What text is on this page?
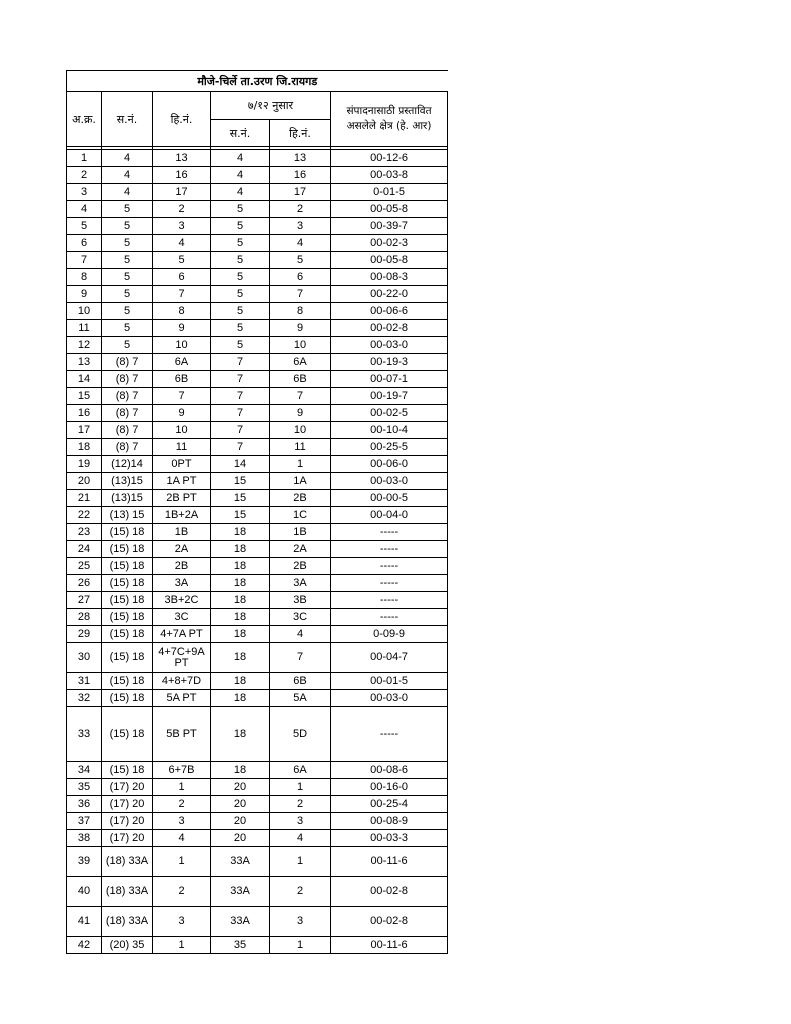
मौजे-चिर्ले ता.उरण जि.रायगड					
अ.क्र.	स.नं.	हि.नं.	७/१२ नुसार		संपादनासाठी प्रस्तावित
असलेले क्षेत्र (हे. आर)
			स.नं.	हि.नं.	

1	4	13	4	13	00-12-6
2	4	16	4	16	00-03-8
3	4	17	4	17	0-01-5
4	5	2	5	2	00-05-8
5	5	3	5	3	00-39-7
6	5	4	5	4	00-02-3
7	5	5	5	5	00-05-8
8	5	6	5	6	00-08-3
9	5	7	5	7	00-22-0
10	5	8	5	8	00-06-6
11	5	9	5	9	00-02-8
12	5	10	5	10	00-03-0
13	(8) 7	6A	7	6A	00-19-3
14	(8) 7	6B	7	6B	00-07-1
15	(8) 7	7	7	7	00-19-7
16	(8) 7	9	7	9	00-02-5
17	(8) 7	10	7	10	00-10-4
18	(8) 7	11	7	11	00-25-5
19	(12)14	0PT	14	1	00-06-0
20	(13)15	1A PT	15	1A	00-03-0
21	(13)15	2B PT	15	2B	00-00-5
22	(13) 15	1B+2A	15	1C	00-04-0
23	(15) 18	1B	18	1B	-----
24	(15) 18	2A	18	2A	-----
25	(15) 18	2B	18	2B	-----
26	(15) 18	3A	18	3A	-----
27	(15) 18	3B+2C	18	3B	-----
28	(15) 18	3C	18	3C	-----
29	(15) 18	4+7A PT	18	4	0-09-9
30	(15) 18	4+7C+9A PT	18	7	00-04-7
31	(15) 18	4+8+7D	18	6B	00-01-5
32	(15) 18	5A PT	18	5A	00-03-0
33	(15) 18	5B PT	18	5D	-----
34	(15) 18	6+7B	18	6A	00-08-6
35	(17) 20	1	20	1	00-16-0
36	(17) 20	2	20	2	00-25-4
37	(17) 20	3	20	3	00-08-9
38	(17) 20	4	20	4	00-03-3
39	(18) 33A	1	33A	1	00-11-6
40	(18) 33A	2	33A	2	00-02-8
41	(18) 33A	3	33A	3	00-02-8
42	(20) 35	1	35	1	00-11-6
